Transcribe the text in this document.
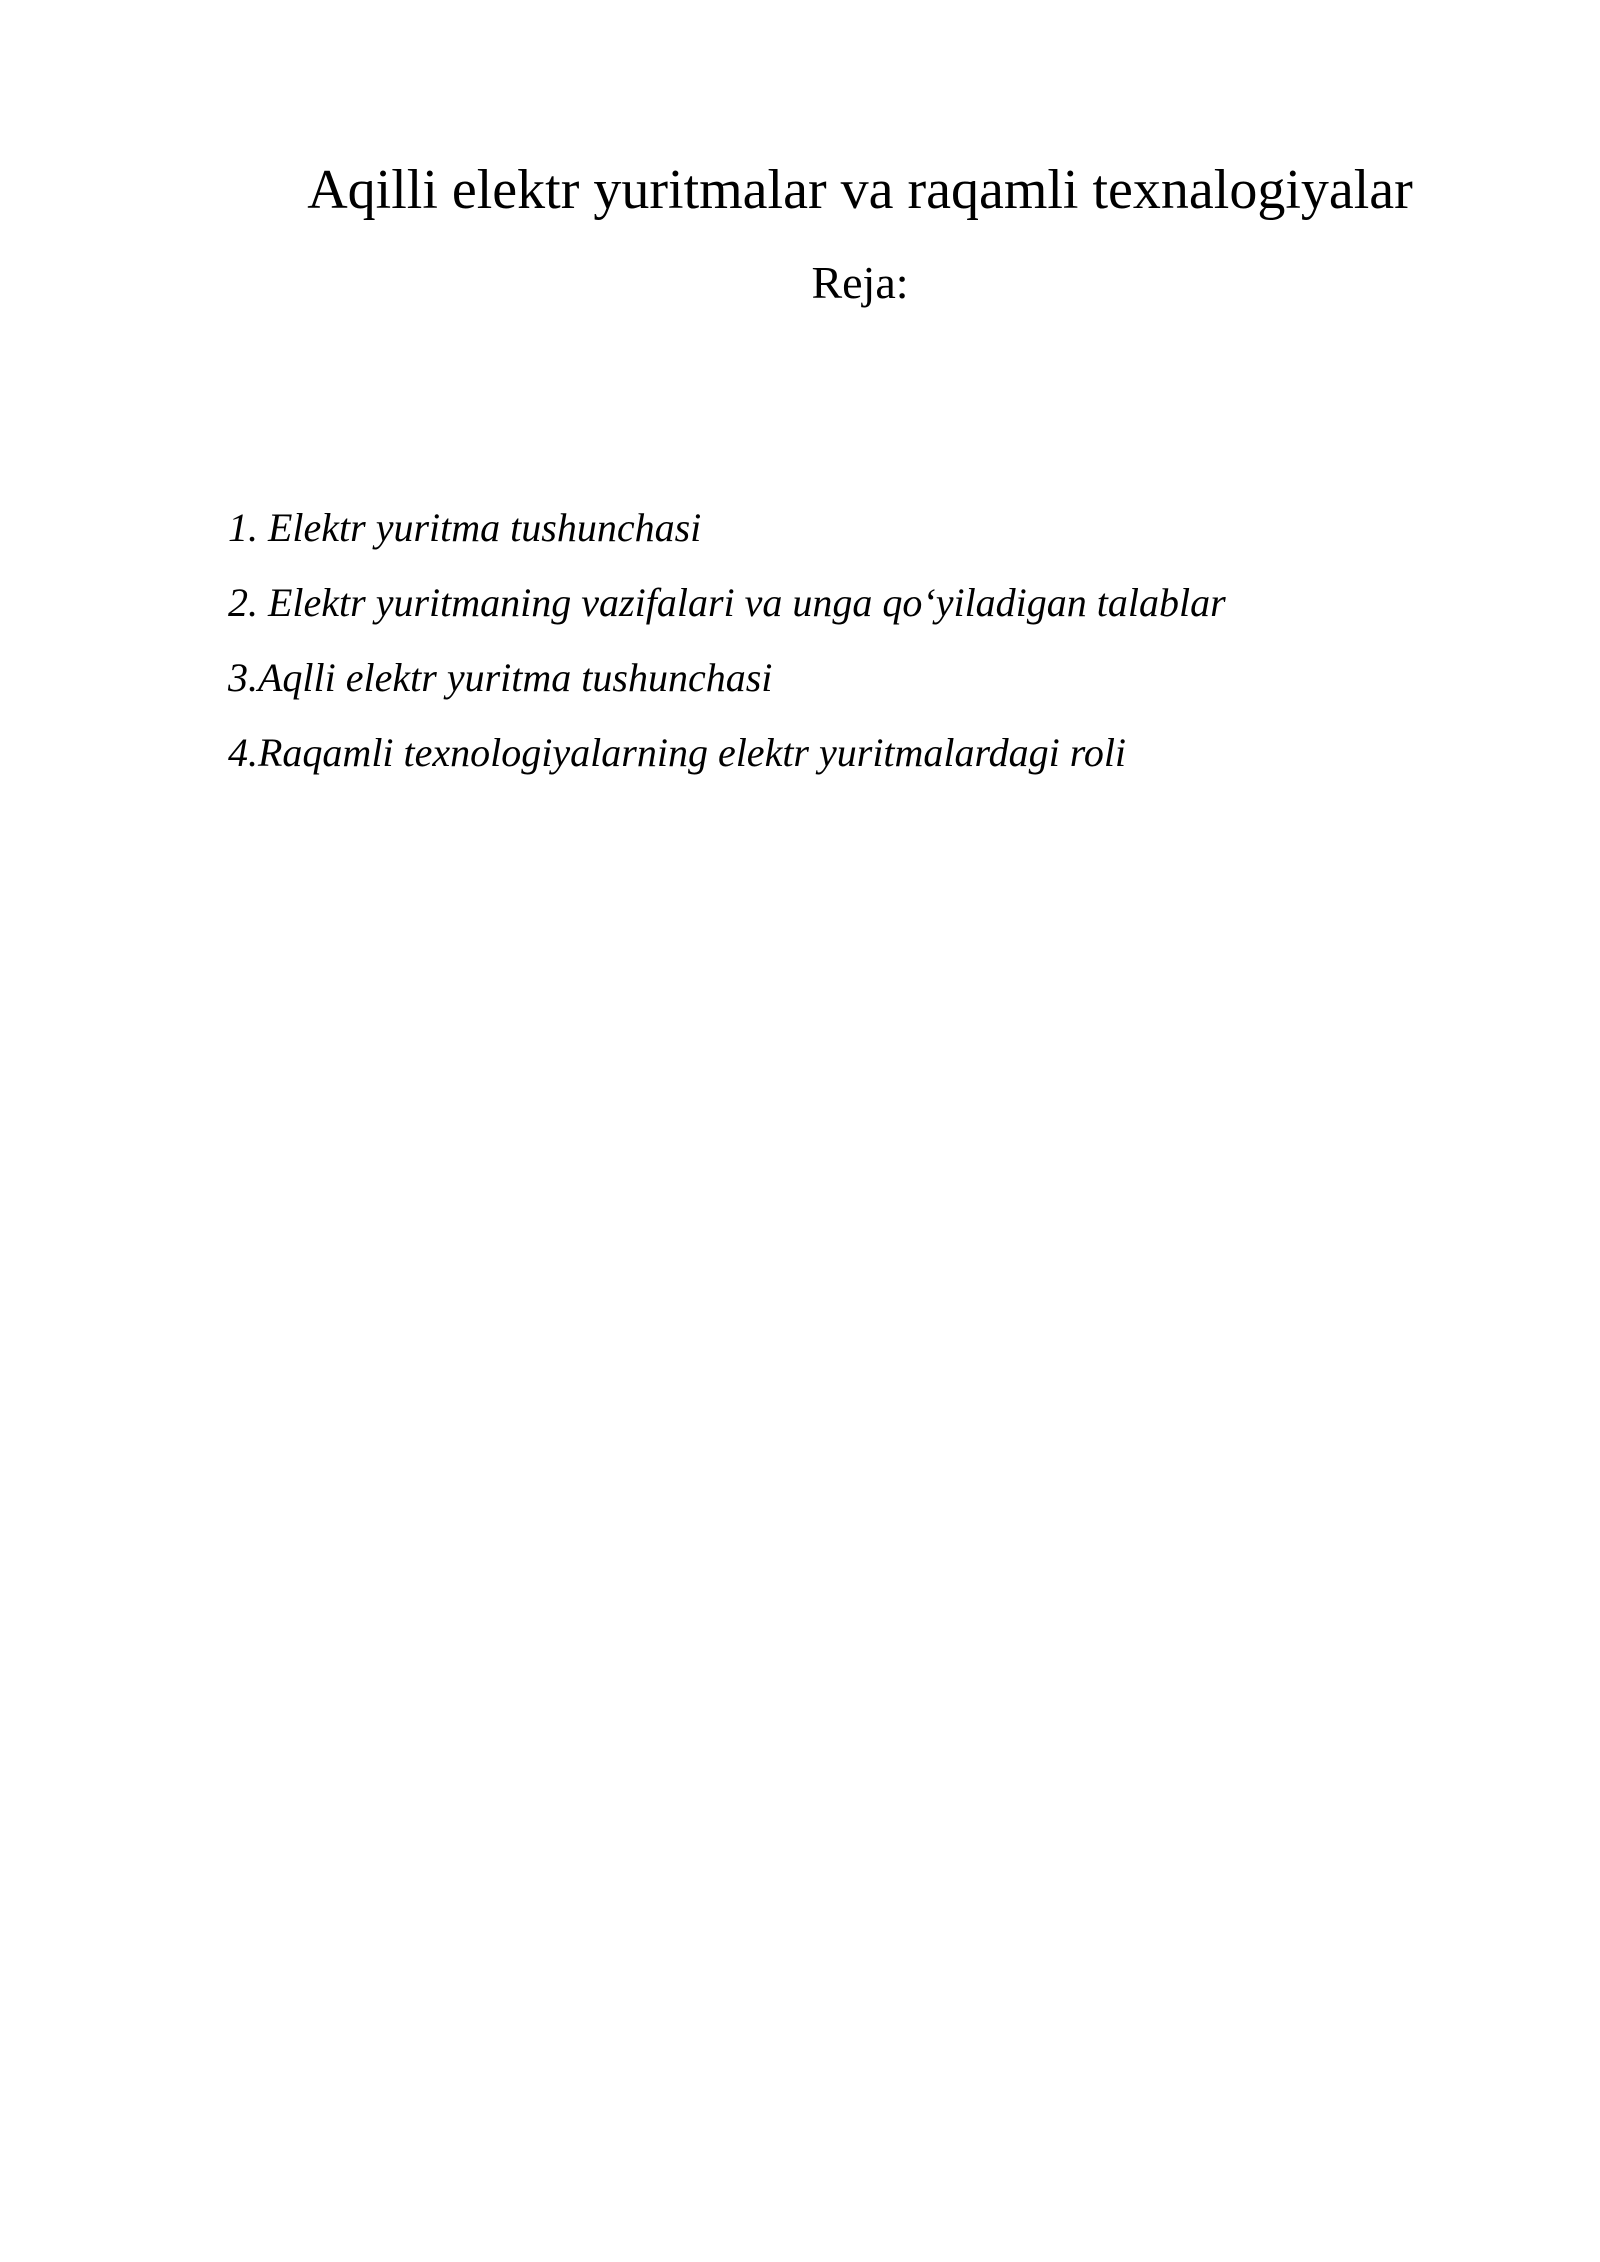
Aqilli elektr yuritmalar va raqamli texnalogiyalar
Reja:
1. Elektr yuritma tushunchasi
2. Elektr yuritmaning vazifalari va unga qo‘yiladigan talablar
3.Aqlli elektr yuritma tushunchasi
4.Raqamli texnologiyalarning elektr yuritmalardagi roli
